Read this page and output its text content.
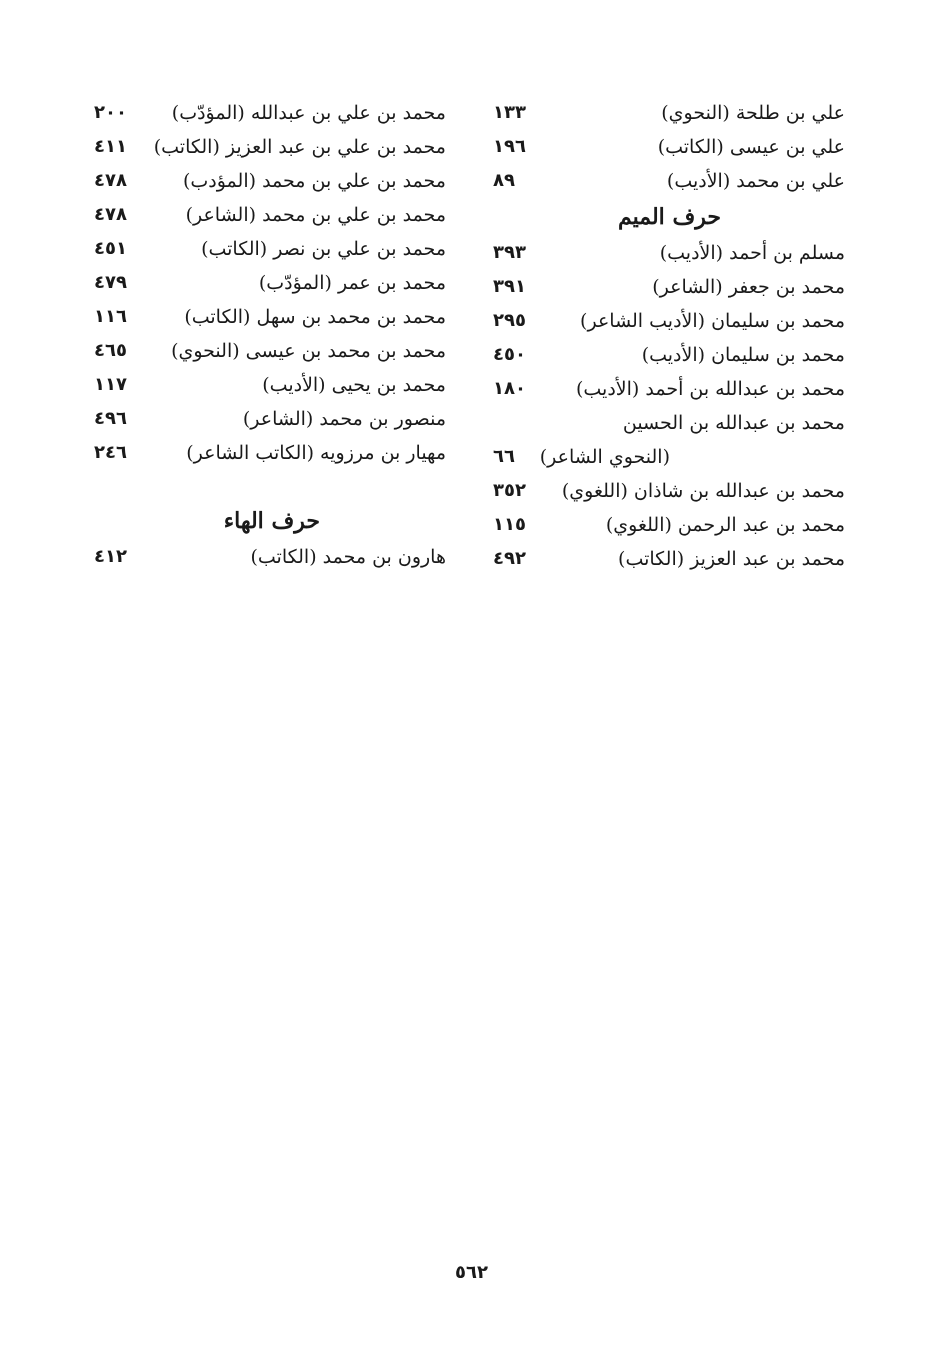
علي بن طلحة (النحوي)
١٣٣
علي بن عيسى (الكاتب)
١٩٦
علي بن محمد (الأديب)
٨٩
حرف الميم
مسلم بن أحمد (الأديب)
٣٩٣
محمد بن جعفر (الشاعر)
٣٩١
محمد بن سليمان (الأديب الشاعر)
٢٩٥
محمد بن سليمان (الأديب)
٤٥٠
محمد بن عبدالله بن أحمد (الأديب)
١٨٠
محمد بن عبدالله بن الحسين
(النحوي الشاعر)
٦٦
محمد بن عبدالله بن شاذان (اللغوي)
٣٥٢
محمد بن عبد الرحمن (اللغوي)
١١٥
محمد بن عبد العزيز (الكاتب)
٤٩٢
محمد بن علي بن عبدالله (المؤدّب)
٢٠٠
محمد بن علي بن عبد العزيز (الكاتب)
٤١١
محمد بن علي بن محمد (المؤدب)
٤٧٨
محمد بن علي بن محمد (الشاعر)
٤٧٨
محمد بن علي بن نصر (الكاتب)
٤٥١
محمد بن عمر (المؤدّب)
٤٧٩
محمد بن محمد بن سهل (الكاتب)
١١٦
محمد بن محمد بن عيسى (النحوي)
٤٦٥
محمد بن يحيى (الأديب)
١١٧
منصور بن محمد (الشاعر)
٤٩٦
مهيار بن مرزويه (الكاتب الشاعر)
٢٤٦
حرف الهاء
هارون بن محمد (الكاتب)
٤١٢
٥٦٢
